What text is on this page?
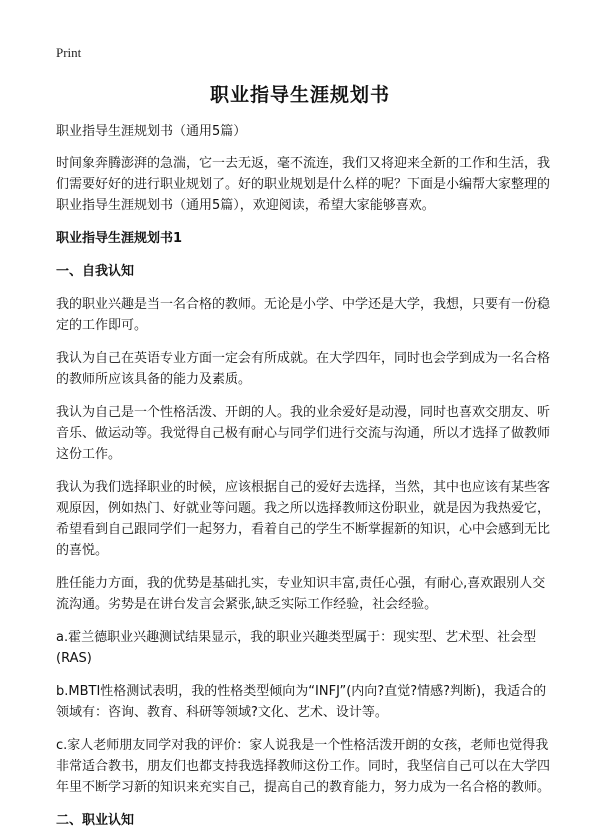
Print
职业指导生涯规划书

职业指导生涯规划书（通用5篇）

时间象奔腾澎湃的急湍，它一去无返，毫不流连，我们又将迎来全新的工作和生活，我们需要好好的进行职业规划了。好的职业规划是什么样的呢？下面是小编帮大家整理的职业指导生涯规划书（通用5篇），欢迎阅读，希望大家能够喜欢。

职业指导生涯规划书1

一、自我认知

我的职业兴趣是当一名合格的教师。无论是小学、中学还是大学，我想，只要有一份稳定的工作即可。

我认为自己在英语专业方面一定会有所成就。在大学四年，同时也会学到成为一名合格的教师所应该具备的能力及素质。

我认为自己是一个性格活泼、开朗的人。我的业余爱好是动漫，同时也喜欢交朋友、听音乐、做运动等。我觉得自己极有耐心与同学们进行交流与沟通，所以才选择了做教师这份工作。

我认为我们选择职业的时候，应该根据自己的爱好去选择，当然，其中也应该有某些客观原因，例如热门、好就业等问题。我之所以选择教师这份职业，就是因为我热爱它，希望看到自己跟同学们一起努力，看着自己的学生不断掌握新的知识，心中会感到无比的喜悦。

胜任能力方面，我的优势是基础扎实，专业知识丰富,责任心强，有耐心,喜欢跟别人交流沟通。劣势是在讲台发言会紧张,缺乏实际工作经验，社会经验。

a.霍兰德职业兴趣测试结果显示，我的职业兴趣类型属于：现实型、艺术型、社会型(RAS)

b.MBTI性格测试表明，我的性格类型倾向为“INFJ”(内向?直觉?情感?判断)，我适合的领域有：咨询、教育、科研等领域?文化、艺术、设计等。

c.家人老师朋友同学对我的评价：家人说我是一个性格活泼开朗的女孩，老师也觉得我非常适合教书，朋友们也都支持我选择教师这份工作。同时，我坚信自己可以在大学四年里不断学习新的知识来充实自己，提高自己的教育能力，努力成为一名合格的教师。

二、职业认知
